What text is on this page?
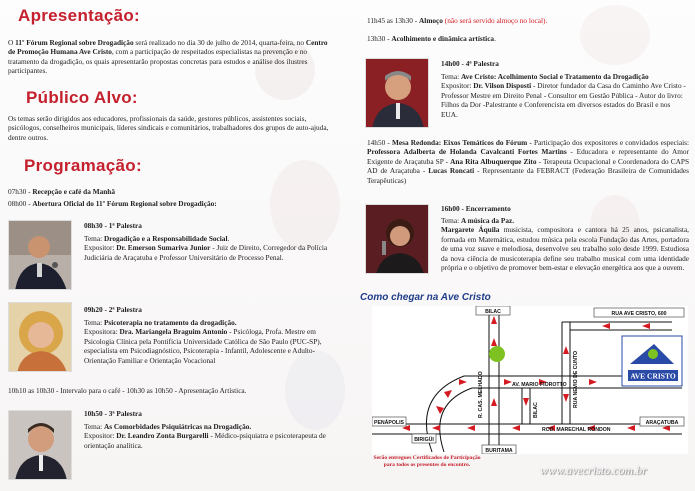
Apresentação:
O 11º Fórum Regional sobre Drogadição será realizado no dia 30 de julho de 2014, quarta-feira, no Centro de Promoção Humana Ave Cristo, com a participação de respeitados especialistas na prevenção e no tratamento da drogadição, os quais apresentarão propostas concretas para estudos e análise dos ilustres participantes.
Público Alvo:
Os temas serão dirigidos aos educadores, profissionais da saúde, gestores públicos, assistentes sociais, psicólogos, conselheiros municipais, líderes sindicais e comunitários, trabalhadores dos grupos de auto-ajuda, dentre outros.
Programação:
07h30 - Recepção e café da Manhã
08h00 - Abertura Oficial do 11º Fórum Regional sobre Drogadição:
08h30 - 1ª Palestra
Tema: Drogadição e a Responsabilidade Social.
Expositor: Dr. Emerson Sumariva Junior - Juiz de Direito, Corregedor da Polícia Judiciária de Araçatuba e Professor Universitário de Processo Penal.
09h20 - 2ª Palestra
Tema: Psicoterapia no tratamento da drogadição.
Expositora: Dra. Mariangela Braguim Antonio - Psicóloga, Profa. Mestre em Psicologia Clínica pela Pontifícia Universidade Católica de São Paulo (PUC-SP), especialista em Psicodiagnóstico, Psicoterapia - Infantil, Adolescente e Adulto- Orientação Familiar e Orientação Vocacional
10h10 as 10h30 - Intervalo para o café - 10h30 as 10h50 - Apresentação Artística.
10h50 - 3ª Palestra
Tema: As Comorbidades Psiquiátricas na Drogadição.
Expositor: Dr. Leandro Zonta Burgarelli - Médico-psiquiatra e psicoterapeuta de orientação analítica.
11h45 as 13h30 - Almoço (não será servido almoço no local).
13h30 - Acolhimento e dinâmica artística.
14h00 - 4ª Palestra
Tema: Ave Cristo: Acolhimento Social e Tratamento da Drogadição
Expositor: Dr. Vilson Disposti - Diretor fundador da Casa do Caminho Ave Cristo - Professor Mestre em Direito Penal - Consultor em Gestão Pública - Autor do livro: Filhos da Dor -Palestrante e Conferencista em diversos estados do Brasil e nos EUA.
14h50 - Mesa Redonda: Eixos Temáticos do Fórum - Participação dos expositores e convidados especiais: Professora Adalberta de Holanda Cavalcanti Fortes Martins - Educadora e representante do Amor Exigente de Araçatuba SP - Ana Rita Albuquerque Zito - Terapeuta Ocupacional e Coordenadora do CAPS AD de Araçatuba - Lucas Roncati - Representante da FEBRACT (Federação Brasileira de Comunidades Terapêuticas)
16h00 - Encerramento
Tema: A música da Paz.
Margarete Áquila musicista, compositora e cantora há 25 anos, psicanalista, formada em Matemática, estudou música pela escola Fundação das Artes, portadora de uma voz suave e melodiosa, desenvolve seu trabalho solo desde 1999. Estudiosa da nova ciência de musicoterapia define seu trabalho musical com uma identidade própria e o objetivo de promover bem-estar e elevação energética aos que a ouvem.
Como chegar na Ave Cristo
BILAC	RUA AVE CRISTO, 600
AV. MARIO FIOROTTO
PENÁPOLIS	ARAÇATUBA
ROD. MARECHAL RONDON
BIRIGÜI
BURITAMA
R. CAS. MELHADO	RUA NEVIO DE CUNTO
BILAC
AVE CRISTO
Serão entregues Certificados de Participação para todos os presentes do encontro.	www.avecristo.com.br
